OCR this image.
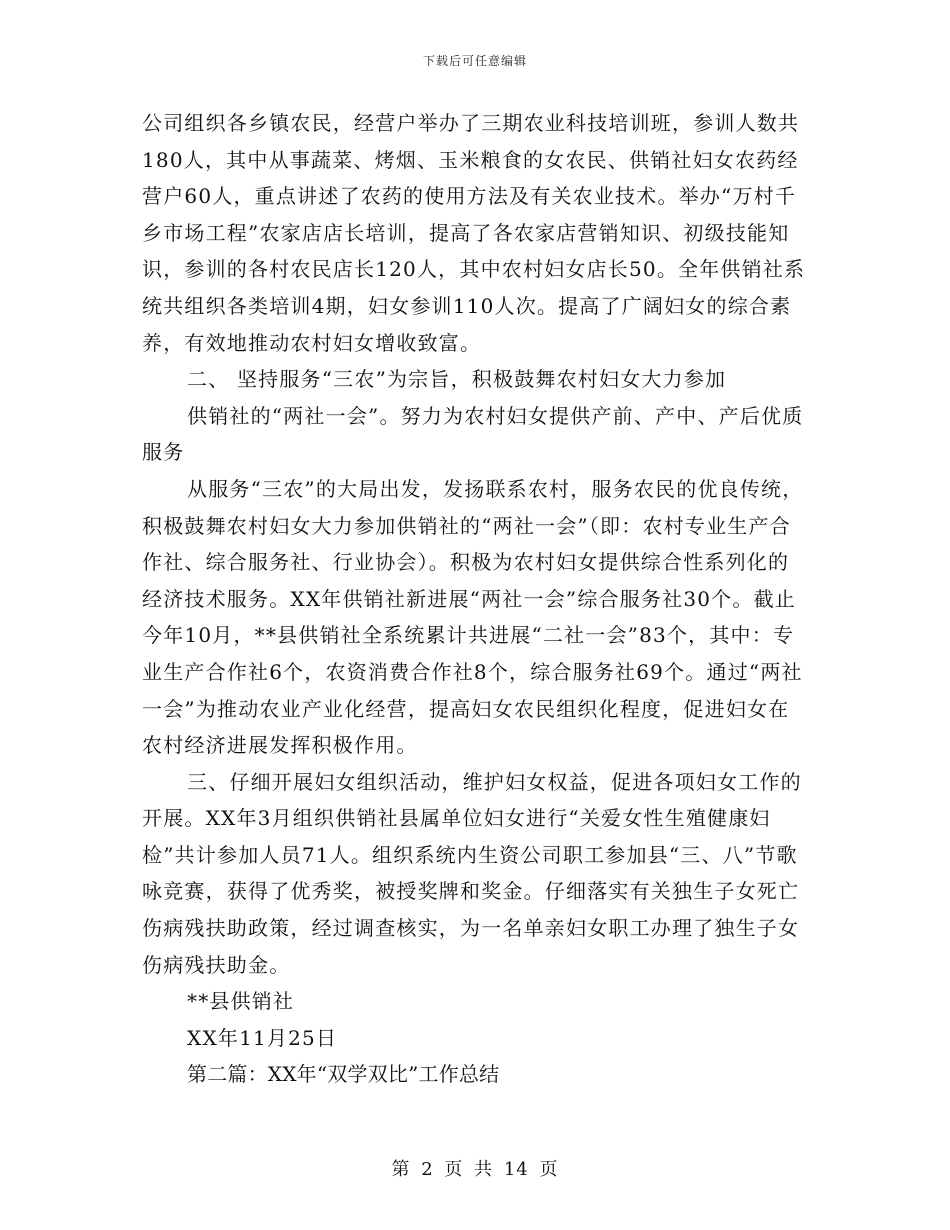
下载后可任意编辑

公司组织各乡镇农民，经营户举办了三期农业科技培训班，参训人数共180人，其中从事蔬菜、烤烟、玉米粮食的女农民、供销社妇女农药经营户60人，重点讲述了农药的使用方法及有关农业技术。举办“万村千乡市场工程”农家店店长培训，提高了各农家店营销知识、初级技能知识，参训的各村农民店长120人，其中农村妇女店长50。全年供销社系统共组织各类培训4期，妇女参训110人次。提高了广阔妇女的综合素养，有效地推动农村妇女增收致富。

二、 坚持服务“三农”为宗旨，积极鼓舞农村妇女大力参加

供销社的“两社一会”。努力为农村妇女提供产前、产中、产后优质服务

从服务“三农”的大局出发，发扬联系农村，服务农民的优良传统，积极鼓舞农村妇女大力参加供销社的“两社一会”（即：农村专业生产合作社、综合服务社、行业协会）。积极为农村妇女提供综合性系列化的经济技术服务。XX年供销社新进展“两社一会”综合服务社30个。截止今年10月，**县供销社全系统累计共进展“二社一会”83个，其中：专业生产合作社6个，农资消费合作社8个，综合服务社69个。通过“两社一会”为推动农业产业化经营，提高妇女农民组织化程度，促进妇女在农村经济进展发挥积极作用。

三、仔细开展妇女组织活动，维护妇女权益，促进各项妇女工作的开展。XX年3月组织供销社县属单位妇女进行“关爱女性生殖健康妇检”共计参加人员71人。组织系统内生资公司职工参加县“三、八”节歌咏竞赛，获得了优秀奖，被授奖牌和奖金。仔细落实有关独生子女死亡伤病残扶助政策，经过调查核实，为一名单亲妇女职工办理了独生子女伤病残扶助金。

**县供销社

XX年11月25日

第二篇：XX年“双学双比”工作总结

第 2 页 共 14 页
